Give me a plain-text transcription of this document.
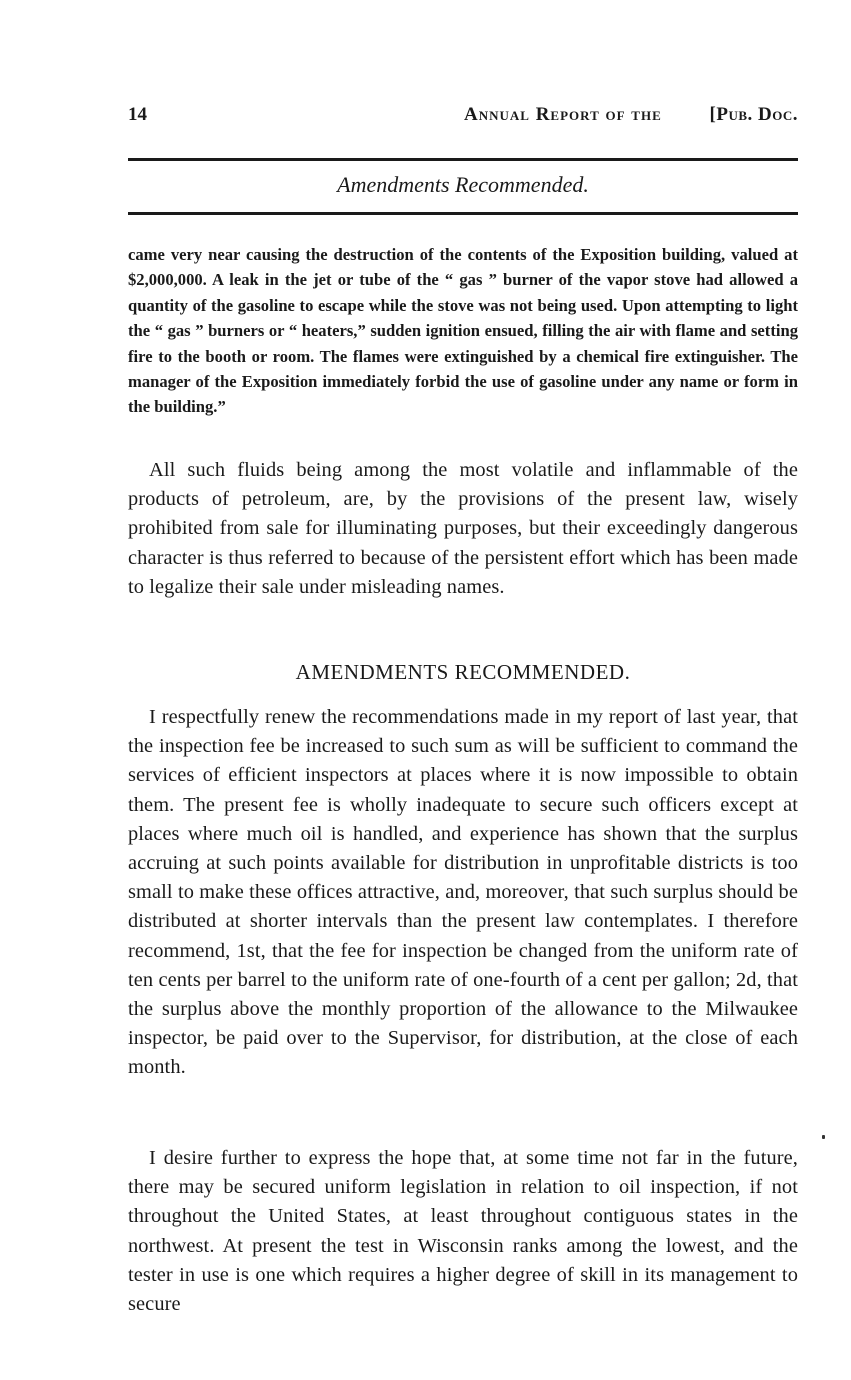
14	Annual Report of the	[Pub. Doc.
Amendments Recommended.

came very near causing the destruction of the contents of the Exposition building, valued at $2,000,000. A leak in the jet or tube of the “ gas ” burner of the vapor stove had allowed a quantity of the gasoline to escape while the stove was not being used. Upon attempting to light the “ gas ” burners or “ heaters,” sudden ignition ensued, filling the air with flame and setting fire to the booth or room. The flames were extinguished by a chemical fire extinguisher. The manager of the Exposition immediately forbid the use of gasoline under any name or form in the building.”

All such fluids being among the most volatile and inflammable of the products of petroleum, are, by the provisions of the present law, wisely prohibited from sale for illuminating purposes, but their exceedingly dangerous character is thus referred to because of the persistent effort which has been made to legalize their sale under misleading names.

AMENDMENTS RECOMMENDED.

I respectfully renew the recommendations made in my report of last year, that the inspection fee be increased to such sum as will be sufficient to command the services of efficient inspectors at places where it is now impossible to obtain them. The present fee is wholly inadequate to secure such officers except at places where much oil is handled, and experience has shown that the surplus accruing at such points available for distribution in unprofitable districts is too small to make these offices attractive, and, moreover, that such surplus should be distributed at shorter intervals than the present law contemplates. I therefore recommend, 1st, that the fee for inspection be changed from the uniform rate of ten cents per barrel to the uniform rate of one-fourth of a cent per gallon; 2d, that the surplus above the monthly proportion of the allowance to the Milwaukee inspector, be paid over to the Supervisor, for distribution, at the close of each month.

I desire further to express the hope that, at some time not far in the future, there may be secured uniform legislation in relation to oil inspection, if not throughout the United States, at least throughout contiguous states in the northwest. At present the test in Wisconsin ranks among the lowest, and the tester in use is one which requires a higher degree of skill in its management to secure
